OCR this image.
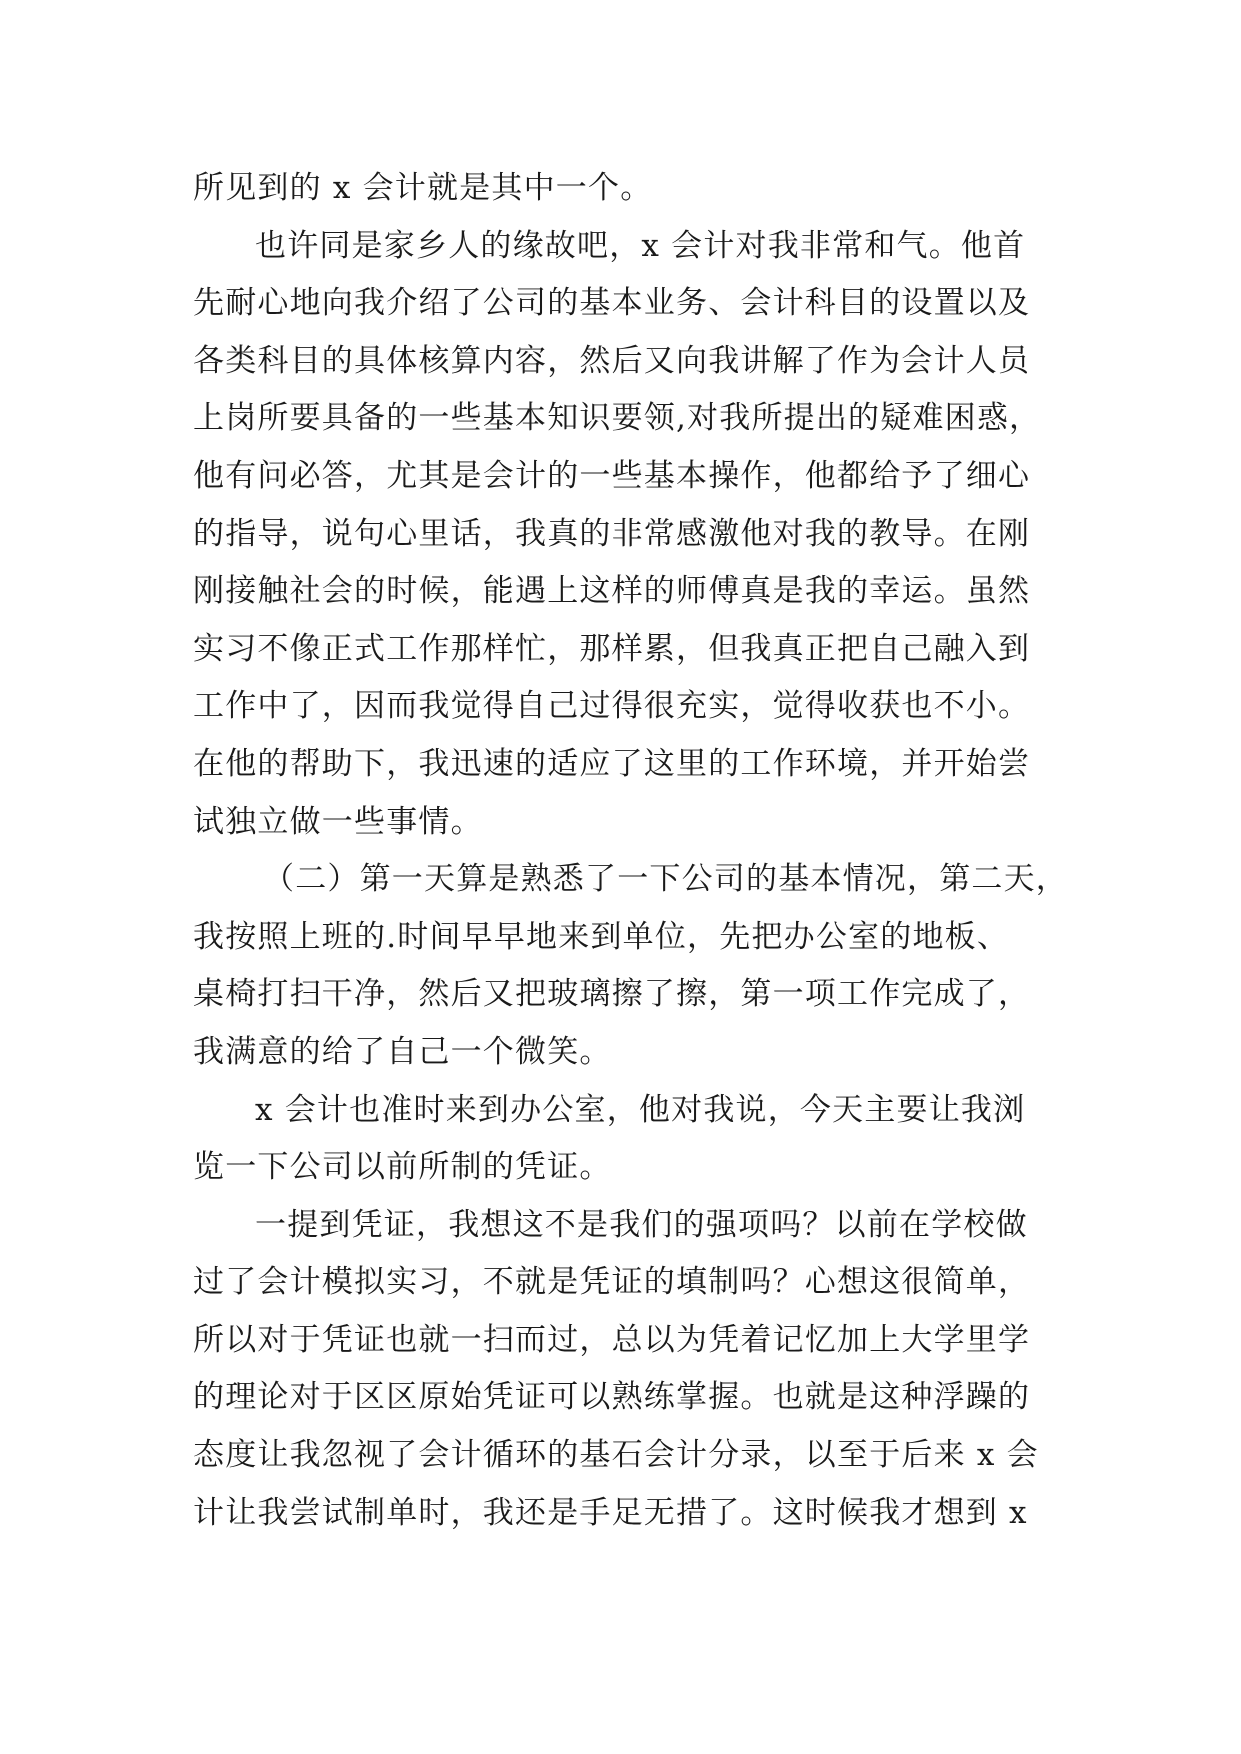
所见到的 x 会计就是其中一个。
也许同是家乡人的缘故吧，x 会计对我非常和气。他首
先耐心地向我介绍了公司的基本业务、会计科目的设置以及
各类科目的具体核算内容，然后又向我讲解了作为会计人员
上岗所要具备的一些基本知识要领,对我所提出的疑难困惑，
他有问必答，尤其是会计的一些基本操作，他都给予了细心
的指导，说句心里话，我真的非常感激他对我的教导。在刚
刚接触社会的时候，能遇上这样的师傅真是我的幸运。虽然
实习不像正式工作那样忙，那样累，但我真正把自己融入到
工作中了，因而我觉得自己过得很充实，觉得收获也不小。
在他的帮助下，我迅速的适应了这里的工作环境，并开始尝
试独立做一些事情。
（二）第一天算是熟悉了一下公司的基本情况，第二天，
我按照上班的.时间早早地来到单位，先把办公室的地板、
桌椅打扫干净，然后又把玻璃擦了擦，第一项工作完成了，
我满意的给了自己一个微笑。
x 会计也准时来到办公室，他对我说，今天主要让我浏
览一下公司以前所制的凭证。
一提到凭证，我想这不是我们的强项吗？以前在学校做
过了会计模拟实习，不就是凭证的填制吗？心想这很简单，
所以对于凭证也就一扫而过，总以为凭着记忆加上大学里学
的理论对于区区原始凭证可以熟练掌握。也就是这种浮躁的
态度让我忽视了会计循环的基石会计分录，以至于后来 x 会
计让我尝试制单时，我还是手足无措了。这时候我才想到 x
